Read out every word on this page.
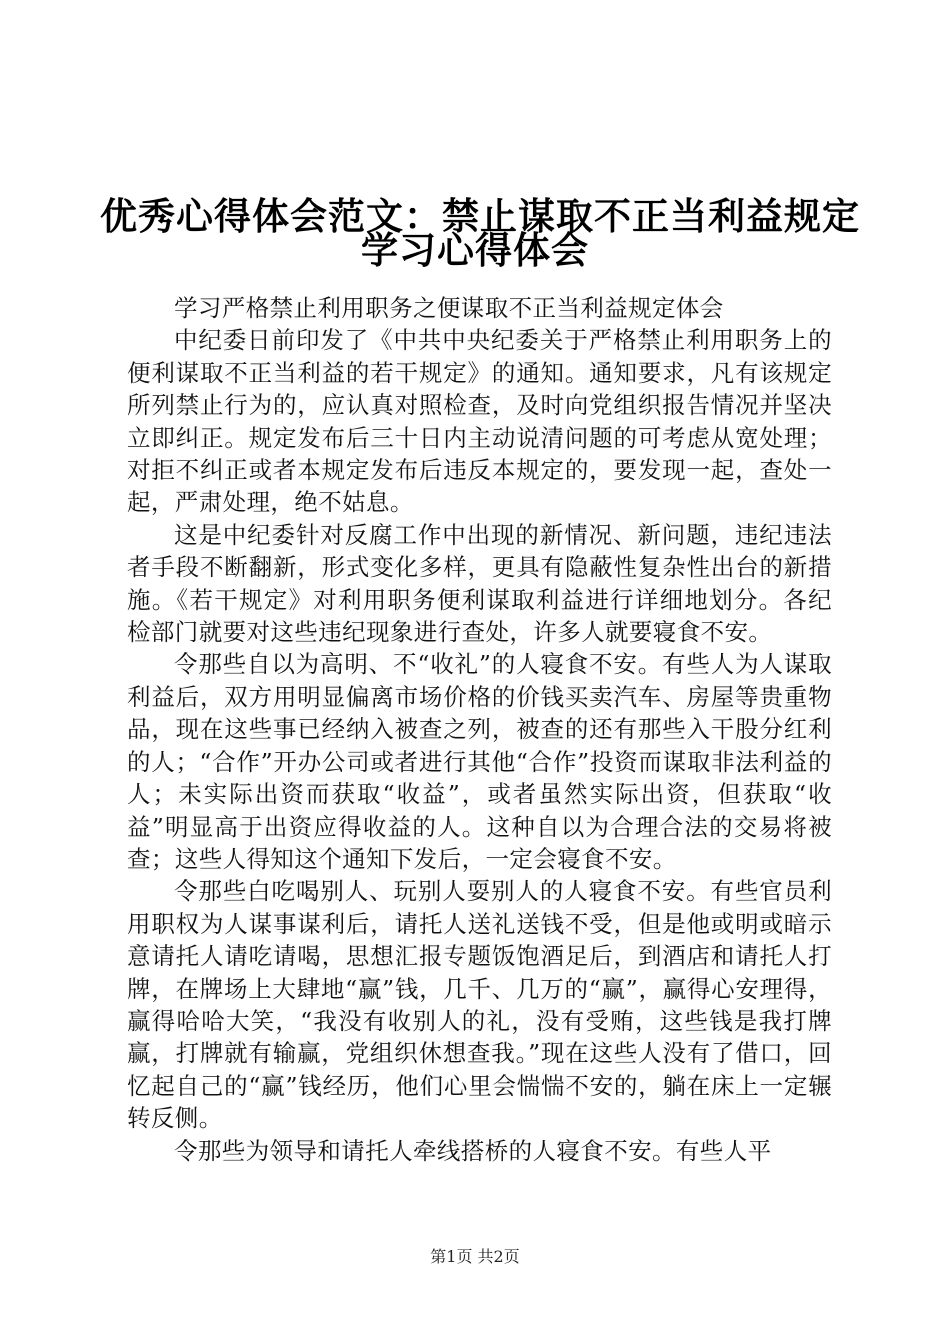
优秀心得体会范文：禁止谋取不正当利益规定
学习心得体会

学习严格禁止利用职务之便谋取不正当利益规定体会

中纪委日前印发了《中共中央纪委关于严格禁止利用职务上的便利谋取不正当利益的若干规定》的通知。通知要求，凡有该规定所列禁止行为的，应认真对照检查，及时向党组织报告情况并坚决立即纠正。规定发布后三十日内主动说清问题的可考虑从宽处理；对拒不纠正或者本规定发布后违反本规定的，要发现一起，查处一起，严肃处理，绝不姑息。

这是中纪委针对反腐工作中出现的新情况、新问题，违纪违法者手段不断翻新，形式变化多样，更具有隐蔽性复杂性出台的新措施。《若干规定》对利用职务便利谋取利益进行详细地划分。各纪检部门就要对这些违纪现象进行查处，许多人就要寝食不安。

令那些自以为高明、不“收礼”的人寝食不安。有些人为人谋取利益后，双方用明显偏离市场价格的价钱买卖汽车、房屋等贵重物品，现在这些事已经纳入被查之列，被查的还有那些入干股分红利的人；“合作”开办公司或者进行其他“合作”投资而谋取非法利益的人；未实际出资而获取“收益”，或者虽然实际出资，但获取“收益”明显高于出资应得收益的人。这种自以为合理合法的交易将被查；这些人得知这个通知下发后，一定会寝食不安。

令那些白吃喝别人、玩别人耍别人的人寝食不安。有些官员利用职权为人谋事谋利后，请托人送礼送钱不受，但是他或明或暗示意请托人请吃请喝，思想汇报专题饭饱酒足后，到酒店和请托人打牌，在牌场上大肆地“赢”钱，几千、几万的“赢”，赢得心安理得，赢得哈哈大笑，“我没有收别人的礼，没有受贿，这些钱是我打牌赢，打牌就有输赢，党组织休想查我。”现在这些人没有了借口，回忆起自己的“赢”钱经历，他们心里会惴惴不安的，躺在床上一定辗转反侧。

令那些为领导和请托人牵线搭桥的人寝食不安。有些人平

第1页 共2页
